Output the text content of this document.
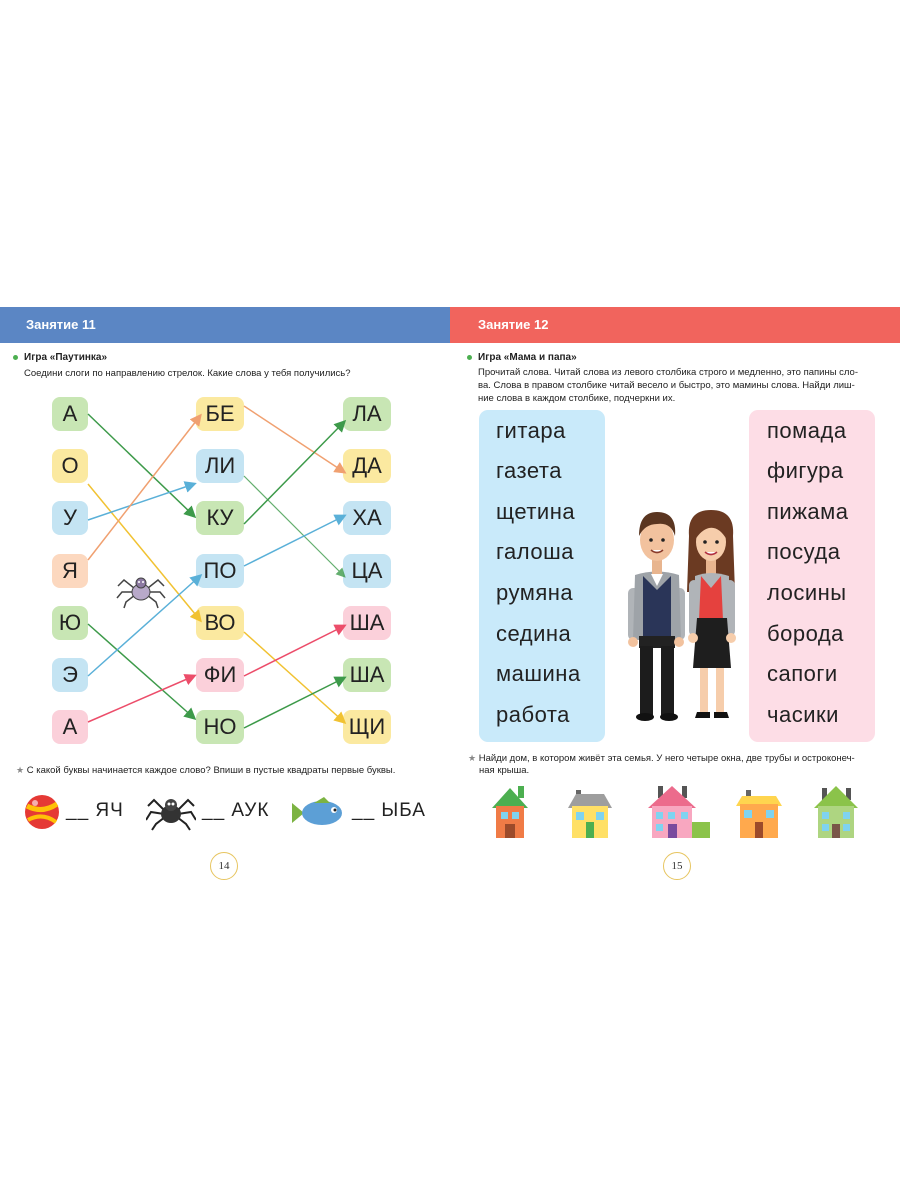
Занятие 11
Игра «Паутинка»
Соедини слоги по направлению стрелок. Какие слова у тебя получились?
А
О
У
Я
Ю
Э
А
БЕ
ЛИ
КУ
ПО
ВО
ФИ
НО
ЛА
ДА
ХА
ЦА
ША
ША
ЩИ
★ С какой буквы начинается каждое слово? Впиши в пустые квадраты первые буквы.
__ ЯЧ	__ АУК	__ ЫБА
14
Занятие 12
Игра «Мама и папа»
Прочитай слова. Читай слова из левого столбика строго и медленно, это папины сло-
ва. Слова в правом столбике читай весело и быстро, это мамины слова. Найди лиш-
ние слова в каждом столбике, подчеркни их.
гитара
газета
щетина
галоша
румяна
седина
машина
работа
помада
фигура
пижама
посуда
лосины
борода
сапоги
часики
★ Найди дом, в котором живёт эта семья. У него четыре окна, две трубы и остроконеч-
ная крыша.
15
